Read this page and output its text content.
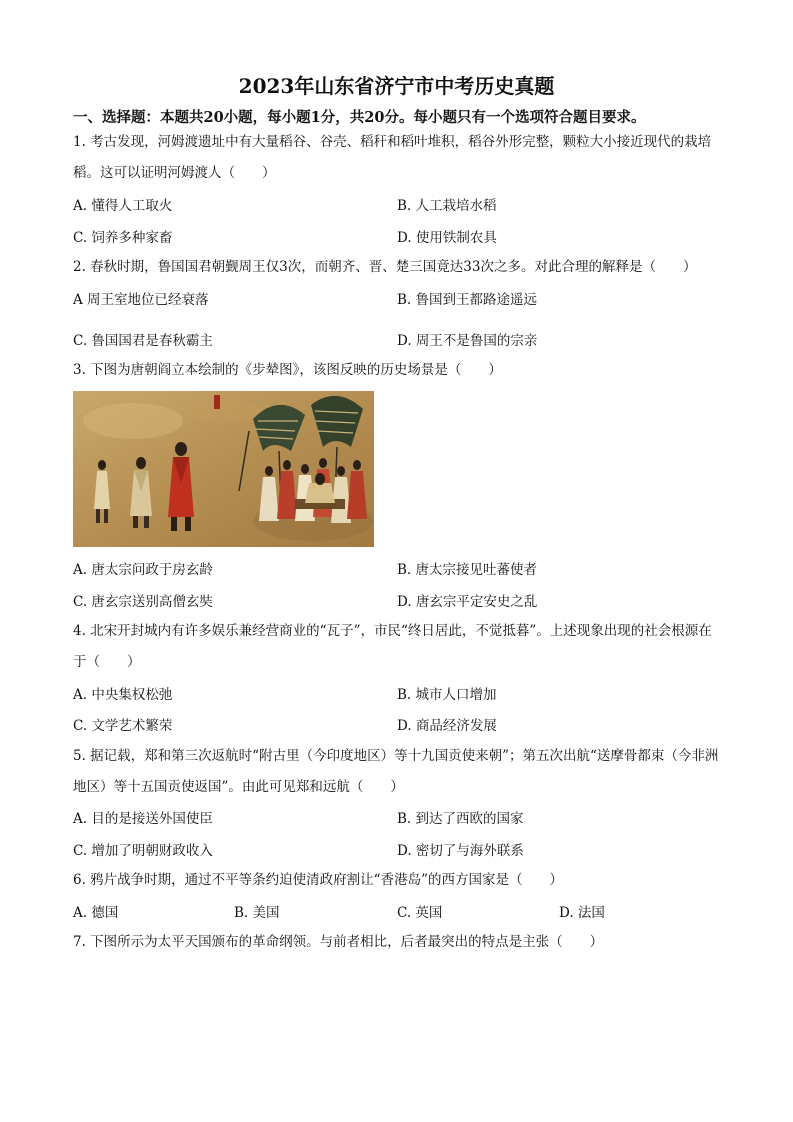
2023年山东省济宁市中考历史真题
一、选择题：本题共20小题，每小题1分，共20分。每小题只有一个选项符合题目要求。
1. 考古发现，河姆渡遗址中有大量稻谷、谷壳、稻秆和稻叶堆积，稻谷外形完整，颗粒大小接近现代的栽培稻。这可以证明河姆渡人（　　）
A. 懂得人工取火	B. 人工栽培水稻
C. 饲养多种家畜	D. 使用铁制农具
2. 春秋时期，鲁国国君朝觐周王仅3次，而朝齐、晋、楚三国竟达33次之多。对此合理的解释是（　　）
A 周王室地位已经衰落	B. 鲁国到王都路途遥远
C. 鲁国国君是春秋霸主	D. 周王不是鲁国的宗亲
3. 下图为唐朝阎立本绘制的《步辇图》，该图反映的历史场景是（　　）
A. 唐太宗问政于房玄龄	B. 唐太宗接见吐蕃使者
C. 唐玄宗送别高僧玄奘	D. 唐玄宗平定安史之乱
4. 北宋开封城内有许多娱乐兼经营商业的“瓦子”，市民“终日居此，不觉抵暮”。上述现象出现的社会根源在于（　　）
A. 中央集权松弛	B. 城市人口增加
C. 文学艺术繁荣	D. 商品经济发展
5. 据记载，郑和第三次返航时“附古里（今印度地区）等十九国贡使来朝”；第五次出航“送摩骨都束（今非洲地区）等十五国贡使返国”。由此可见郑和远航（　　）
A. 目的是接送外国使臣	B. 到达了西欧的国家
C. 增加了明朝财政收入	D. 密切了与海外联系
6. 鸦片战争时期，通过不平等条约迫使清政府割让“香港岛”的西方国家是（　　）
A. 德国	B. 美国	C. 英国	D. 法国
7. 下图所示为太平天国颁布的革命纲领。与前者相比，后者最突出的特点是主张（　　）
